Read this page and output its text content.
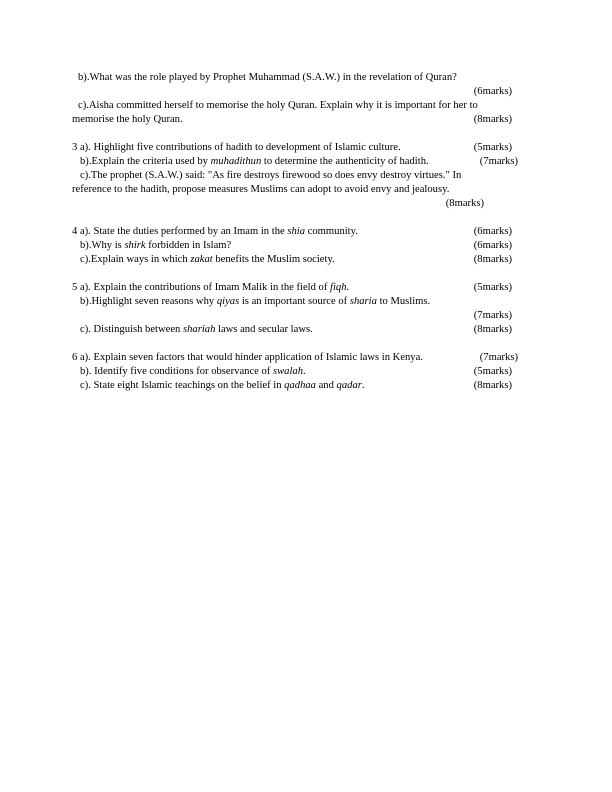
b).What was the role played by Prophet Muhammad (S.A.W.) in the revelation of Quran?
(6marks)
c).Aisha committed herself to memorise the holy Quran. Explain why it is important for her to
memorise the holy Quran.	(8marks)
3 a). Highlight five contributions of hadith to development of Islamic culture.	(5marks)
b).Explain the criteria used by muhadithun to determine the authenticity of hadith.	(7marks)
c).The prophet (S.A.W.) said: "As fire destroys firewood so does envy destroy virtues." In
reference to the hadith, propose measures Muslims can adopt to avoid envy and jealousy.
(8marks)
4 a). State the duties performed by an Imam in the shia community.	(6marks)
b).Why is shirk forbidden in Islam?	(6marks)
c).Explain ways in which zakat benefits the Muslim society.	(8marks)
5 a). Explain the contributions of Imam Malik in the field of fiqh.	(5marks)
b).Highlight seven reasons why qiyas is an important source of sharia to Muslims.
(7marks)
c). Distinguish between shariah laws and secular laws.	(8marks)
6 a). Explain seven factors that would hinder application of Islamic laws in Kenya.	(7marks)
b). Identify five conditions for observance of swalah.	(5marks)
c). State eight Islamic teachings on the belief in qadhaa and qadar.	(8marks)
